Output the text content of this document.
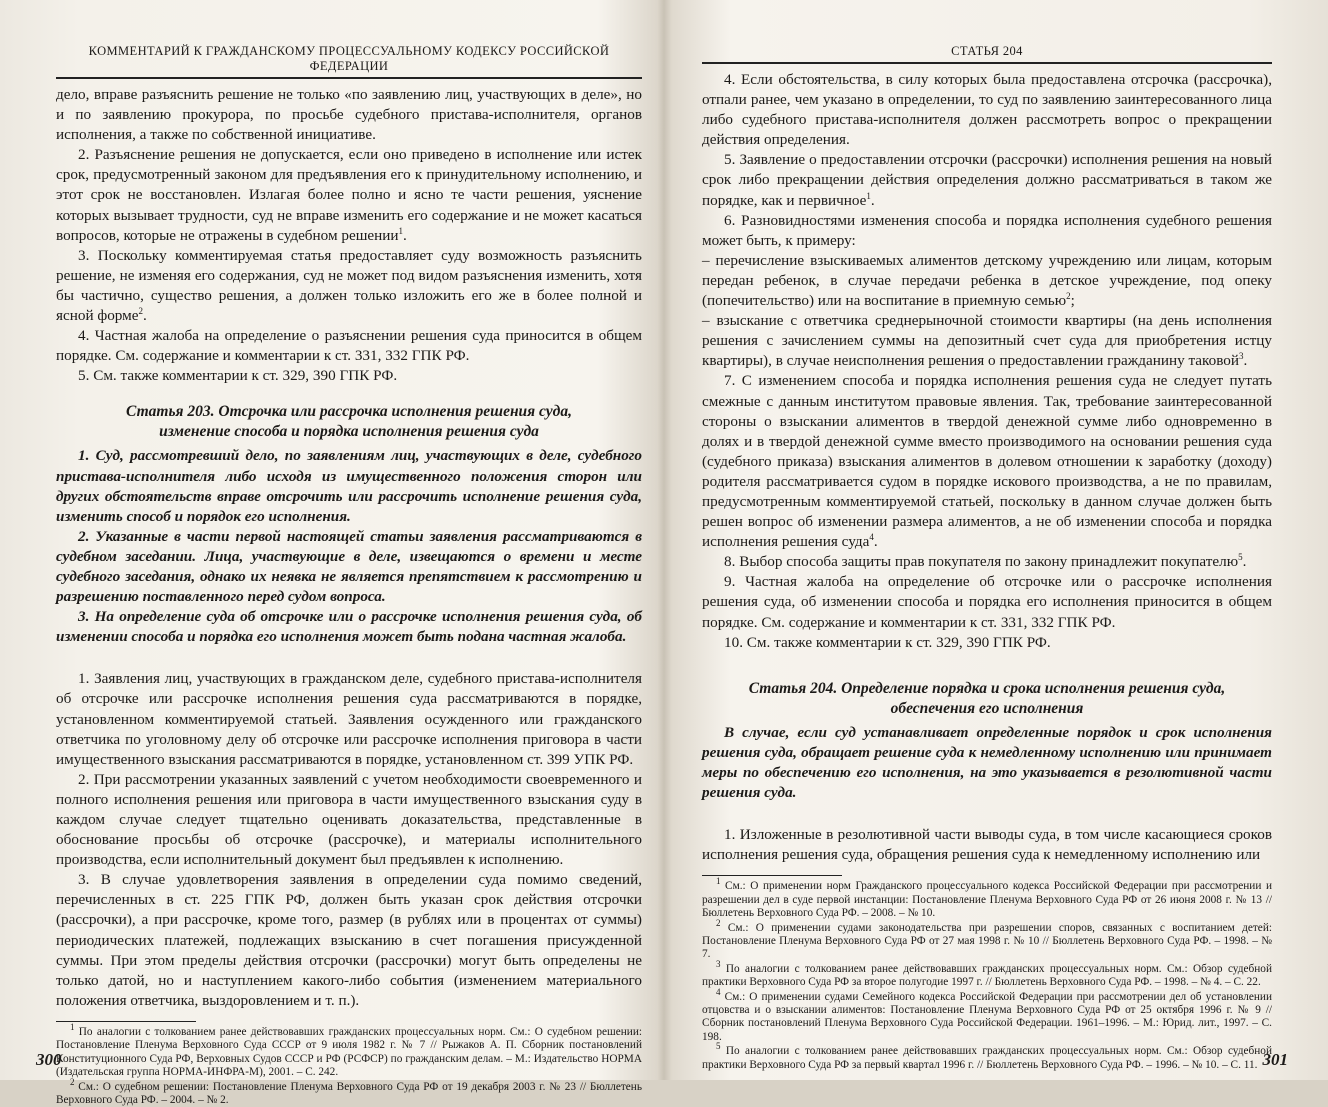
КОММЕНТАРИЙ К ГРАЖДАНСКОМУ ПРОЦЕССУАЛЬНОМУ КОДЕКСУ РОССИЙСКОЙ ФЕДЕРАЦИИ

дело, вправе разъяснить решение не только «по заявлению лиц, участвующих в деле», но и по заявлению прокурора, по просьбе судебного пристава-исполнителя, органов исполнения, а также по собственной инициативе.

2. Разъяснение решения не допускается, если оно приведено в исполнение или истек срок, предусмотренный законом для предъявления его к принудительному исполнению, и этот срок не восстановлен. Излагая более полно и ясно те части решения, уяснение которых вызывает трудности, суд не вправе изменить его содержание и не может касаться вопросов, которые не отражены в судебном решении$^1$.

3. Поскольку комментируемая статья предоставляет суду возможность разъяснить решение, не изменяя его содержания, суд не может под видом разъяснения изменить, хотя бы частично, существо решения, а должен только изложить его же в более полной и ясной форме$^2$.

4. Частная жалоба на определение о разъяснении решения суда приносится в общем порядке. См. содержание и комментарии к ст. 331, 332 ГПК РФ.

5. См. также комментарии к ст. 329, 390 ГПК РФ.

Статья 203. Отсрочка или рассрочка исполнения решения суда,
изменение способа и порядка исполнения решения суда

1. Суд, рассмотревший дело, по заявлениям лиц, участвующих в деле, судебного пристава-исполнителя либо исходя из имущественного положения сторон или других обстоятельств вправе отсрочить или рассрочить исполнение решения суда, изменить способ и порядок его исполнения.

2. Указанные в части первой настоящей статьи заявления рассматриваются в судебном заседании. Лица, участвующие в деле, извещаются о времени и месте судебного заседания, однако их неявка не является препятствием к рассмотрению и разрешению поставленного перед судом вопроса.

3. На определение суда об отсрочке или о рассрочке исполнения решения суда, об изменении способа и порядка его исполнения может быть подана частная жалоба.

1. Заявления лиц, участвующих в гражданском деле, судебного пристава-исполнителя об отсрочке или рассрочке исполнения решения суда рассматриваются в порядке, установленном комментируемой статьей. Заявления осужденного или гражданского ответчика по уголовному делу об отсрочке или рассрочке исполнения приговора в части имущественного взыскания рассматриваются в порядке, установленном ст. 399 УПК РФ.

2. При рассмотрении указанных заявлений с учетом необходимости своевременного и полного исполнения решения или приговора в части имущественного взыскания суду в каждом случае следует тщательно оценивать доказательства, представленные в обоснование просьбы об отсрочке (рассрочке), и материалы исполнительного производства, если исполнительный документ был предъявлен к исполнению.

3. В случае удовлетворения заявления в определении суда помимо сведений, перечисленных в ст. 225 ГПК РФ, должен быть указан срок действия отсрочки (рассрочки), а при рассрочке, кроме того, размер (в рублях или в процентах от суммы) периодических платежей, подлежащих взысканию в счет погашения присужденной суммы. При этом пределы действия отсрочки (рассрочки) могут быть определены не только датой, но и наступлением какого-либо события (изменением материального положения ответчика, выздоровлением и т. п.).

$^1$ По аналогии с толкованием ранее действовавших гражданских процессуальных норм. См.: О судебном решении: Постановление Пленума Верховного Суда СССР от 9 июля 1982 г. № 7 // Рыжаков А. П. Сборник постановлений Конституционного Суда РФ, Верховных Судов СССР и РФ (РСФСР) по гражданским делам. – М.: Издательство НОРМА (Издательская группа НОРМА-ИНФРА-М), 2001. – С. 242.

$^2$ См.: О судебном решении: Постановление Пленума Верховного Суда РФ от 19 декабря 2003 г. № 23 // Бюллетень Верховного Суда РФ. – 2004. – № 2.

300
СТАТЬЯ 204

4. Если обстоятельства, в силу которых была предоставлена отсрочка (рассрочка), отпали ранее, чем указано в определении, то суд по заявлению заинтересованного лица либо судебного пристава-исполнителя должен рассмотреть вопрос о прекращении действия определения.

5. Заявление о предоставлении отсрочки (рассрочки) исполнения решения на новый срок либо прекращении действия определения должно рассматриваться в таком же порядке, как и первичное$^1$.

6. Разновидностями изменения способа и порядка исполнения судебного решения может быть, к примеру:

– перечисление взыскиваемых алиментов детскому учреждению или лицам, которым передан ребенок, в случае передачи ребенка в детское учреждение, под опеку (попечительство) или на воспитание в приемную семью$^2$;

– взыскание с ответчика среднерыночной стоимости квартиры (на день исполнения решения с зачислением суммы на депозитный счет суда для приобретения истцу квартиры), в случае неисполнения решения о предоставлении гражданину таковой$^3$.

7. С изменением способа и порядка исполнения решения суда не следует путать смежные с данным институтом правовые явления. Так, требование заинтересованной стороны о взыскании алиментов в твердой денежной сумме либо одновременно в долях и в твердой денежной сумме вместо производимого на основании решения суда (судебного приказа) взыскания алиментов в долевом отношении к заработку (доходу) родителя рассматривается судом в порядке искового производства, а не по правилам, предусмотренным комментируемой статьей, поскольку в данном случае должен быть решен вопрос об изменении размера алиментов, а не об изменении способа и порядка исполнения решения суда$^4$.

8. Выбор способа защиты прав покупателя по закону принадлежит покупателю$^5$.

9. Частная жалоба на определение об отсрочке или о рассрочке исполнения решения суда, об изменении способа и порядка его исполнения приносится в общем порядке. См. содержание и комментарии к ст. 331, 332 ГПК РФ.

10. См. также комментарии к ст. 329, 390 ГПК РФ.

Статья 204. Определение порядка и срока исполнения решения суда,
обеспечения его исполнения

В случае, если суд устанавливает определенные порядок и срок исполнения решения суда, обращает решение суда к немедленному исполнению или принимает меры по обеспечению его исполнения, на это указывается в резолютивной части решения суда.

1. Изложенные в резолютивной части выводы суда, в том числе касающиеся сроков исполнения решения суда, обращения решения суда к немедленному исполнению или

$^1$ См.: О применении норм Гражданского процессуального кодекса Российской Федерации при рассмотрении и разрешении дел в суде первой инстанции: Постановление Пленума Верховного Суда РФ от 26 июня 2008 г. № 13 // Бюллетень Верховного Суда РФ. – 2008. – № 10.

$^2$ См.: О применении судами законодательства при разрешении споров, связанных с воспитанием детей: Постановление Пленума Верховного Суда РФ от 27 мая 1998 г. № 10 // Бюллетень Верховного Суда РФ. – 1998. – № 7.

$^3$ По аналогии с толкованием ранее действовавших гражданских процессуальных норм. См.: Обзор судебной практики Верховного Суда РФ за второе полугодие 1997 г. // Бюллетень Верховного Суда РФ. – 1998. – № 4. – С. 22.

$^4$ См.: О применении судами Семейного кодекса Российской Федерации при рассмотрении дел об установлении отцовства и о взыскании алиментов: Постановление Пленума Верховного Суда РФ от 25 октября 1996 г. № 9 // Сборник постановлений Пленума Верховного Суда Российской Федерации. 1961–1996. – М.: Юрид. лит., 1997. – С. 198.

$^5$ По аналогии с толкованием ранее действовавших гражданских процессуальных норм. См.: Обзор судебной практики Верховного Суда РФ за первый квартал 1996 г. // Бюллетень Верховного Суда РФ. – 1996. – № 10. – С. 11. 301
